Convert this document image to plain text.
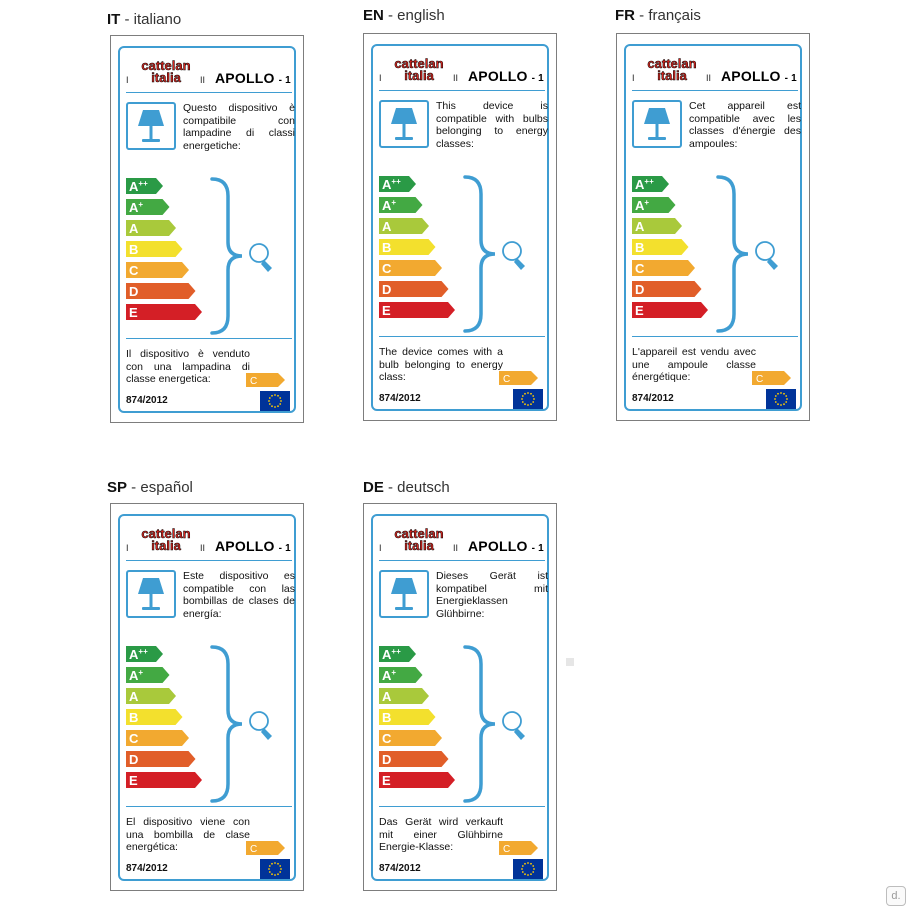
IT - italiano
I	II
cattelan
italia APOLLO - 1
Questo dispositivo è compatibile con lampadine di classi energetiche:
A++
A+
A
B
C
D
E
Il dispositivo è venduto con una lampadina di classe energetica:	C
874/2012
EN - english
I	II
cattelan
italia APOLLO - 1
This device is compatible with bulbs belonging to energy classes:
A++
A+
A
B
C
D
E
The device comes with a bulb belonging to energy class:	C
874/2012
FR - français
I	II
cattelan
italia APOLLO - 1
Cet appareil est compatible avec les classes d'énergie des ampoules:
A++
A+
A
B
C
D
E
L'appareil est vendu avec une ampoule classe énergétique:	C
874/2012
SP - español
I	II
cattelan
italia APOLLO - 1
Este dispositivo es compatible con las bombillas de clases de energía:
A++
A+
A
B
C
D
E
El dispositivo viene con una bombilla de clase energética:	C
874/2012
DE - deutsch
I	II
cattelan
italia APOLLO - 1
Dieses Gerät ist kompatibel mit Energieklassen Glühbirne:
A++
A+
A
B
C
D
E
Das Gerät wird verkauft mit einer Glühbirne Energie-Klasse:	C
874/2012
d.
